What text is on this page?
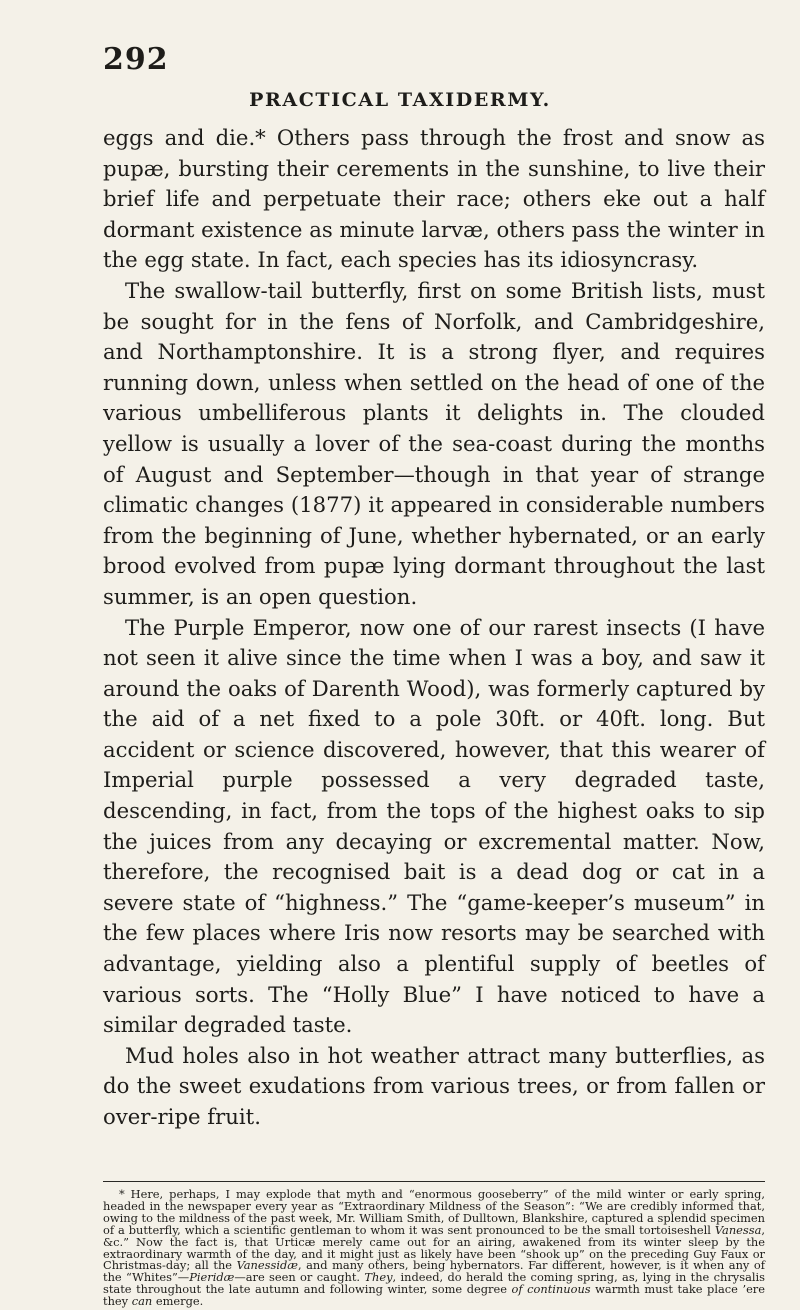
292
PRACTICAL TAXIDERMY.

eggs and die.* Others pass through the frost and snow as pupæ, bursting their cerements in the sunshine, to live their brief life and perpetuate their race; others eke out a half dormant existence as minute larvæ, others pass the winter in the egg state. In fact, each species has its idiosyncrasy.

The swallow-tail butterfly, first on some British lists, must be sought for in the fens of Norfolk, and Cambridgeshire, and Northamptonshire. It is a strong flyer, and requires running down, unless when settled on the head of one of the various umbelliferous plants it delights in. The clouded yellow is usually a lover of the sea-coast during the months of August and September—though in that year of strange climatic changes (1877) it appeared in considerable numbers from the beginning of June, whether hybernated, or an early brood evolved from pupæ lying dormant throughout the last summer, is an open question.

The Purple Emperor, now one of our rarest insects (I have not seen it alive since the time when I was a boy, and saw it around the oaks of Darenth Wood), was formerly captured by the aid of a net fixed to a pole 30ft. or 40ft. long. But accident or science discovered, however, that this wearer of Imperial purple possessed a very degraded taste, descending, in fact, from the tops of the highest oaks to sip the juices from any decaying or excremental matter. Now, therefore, the recognised bait is a dead dog or cat in a severe state of “highness.” The “game-keeper’s museum” in the few places where Iris now resorts may be searched with advantage, yielding also a plentiful supply of beetles of various sorts. The “Holly Blue” I have noticed to have a similar degraded taste.

Mud holes also in hot weather attract many butterflies, as do the sweet exudations from various trees, or from fallen or over-ripe fruit.

* Here, perhaps, I may explode that myth and “enormous gooseberry” of the mild winter or early spring, headed in the newspaper every year as “Extraordinary Mildness of the Season”: “We are credibly informed that, owing to the mildness of the past week, Mr. William Smith, of Dulltown, Blankshire, captured a splendid specimen of a butterfly, which a scientific gentleman to whom it was sent pronounced to be the small tortoiseshell Vanessa, &c.” Now the fact is, that Urticæ merely came out for an airing, awakened from its winter sleep by the extraordinary warmth of the day, and it might just as likely have been “shook up” on the preceding Guy Faux or Christmas-day; all the Vanessidæ, and many others, being hybernators. Far different, however, is it when any of the “Whites”—Pieridæ—are seen or caught. They, indeed, do herald the coming spring, as, lying in the chrysalis state throughout the late autumn and following winter, some degree of continuous warmth must take place ’ere they can emerge.
